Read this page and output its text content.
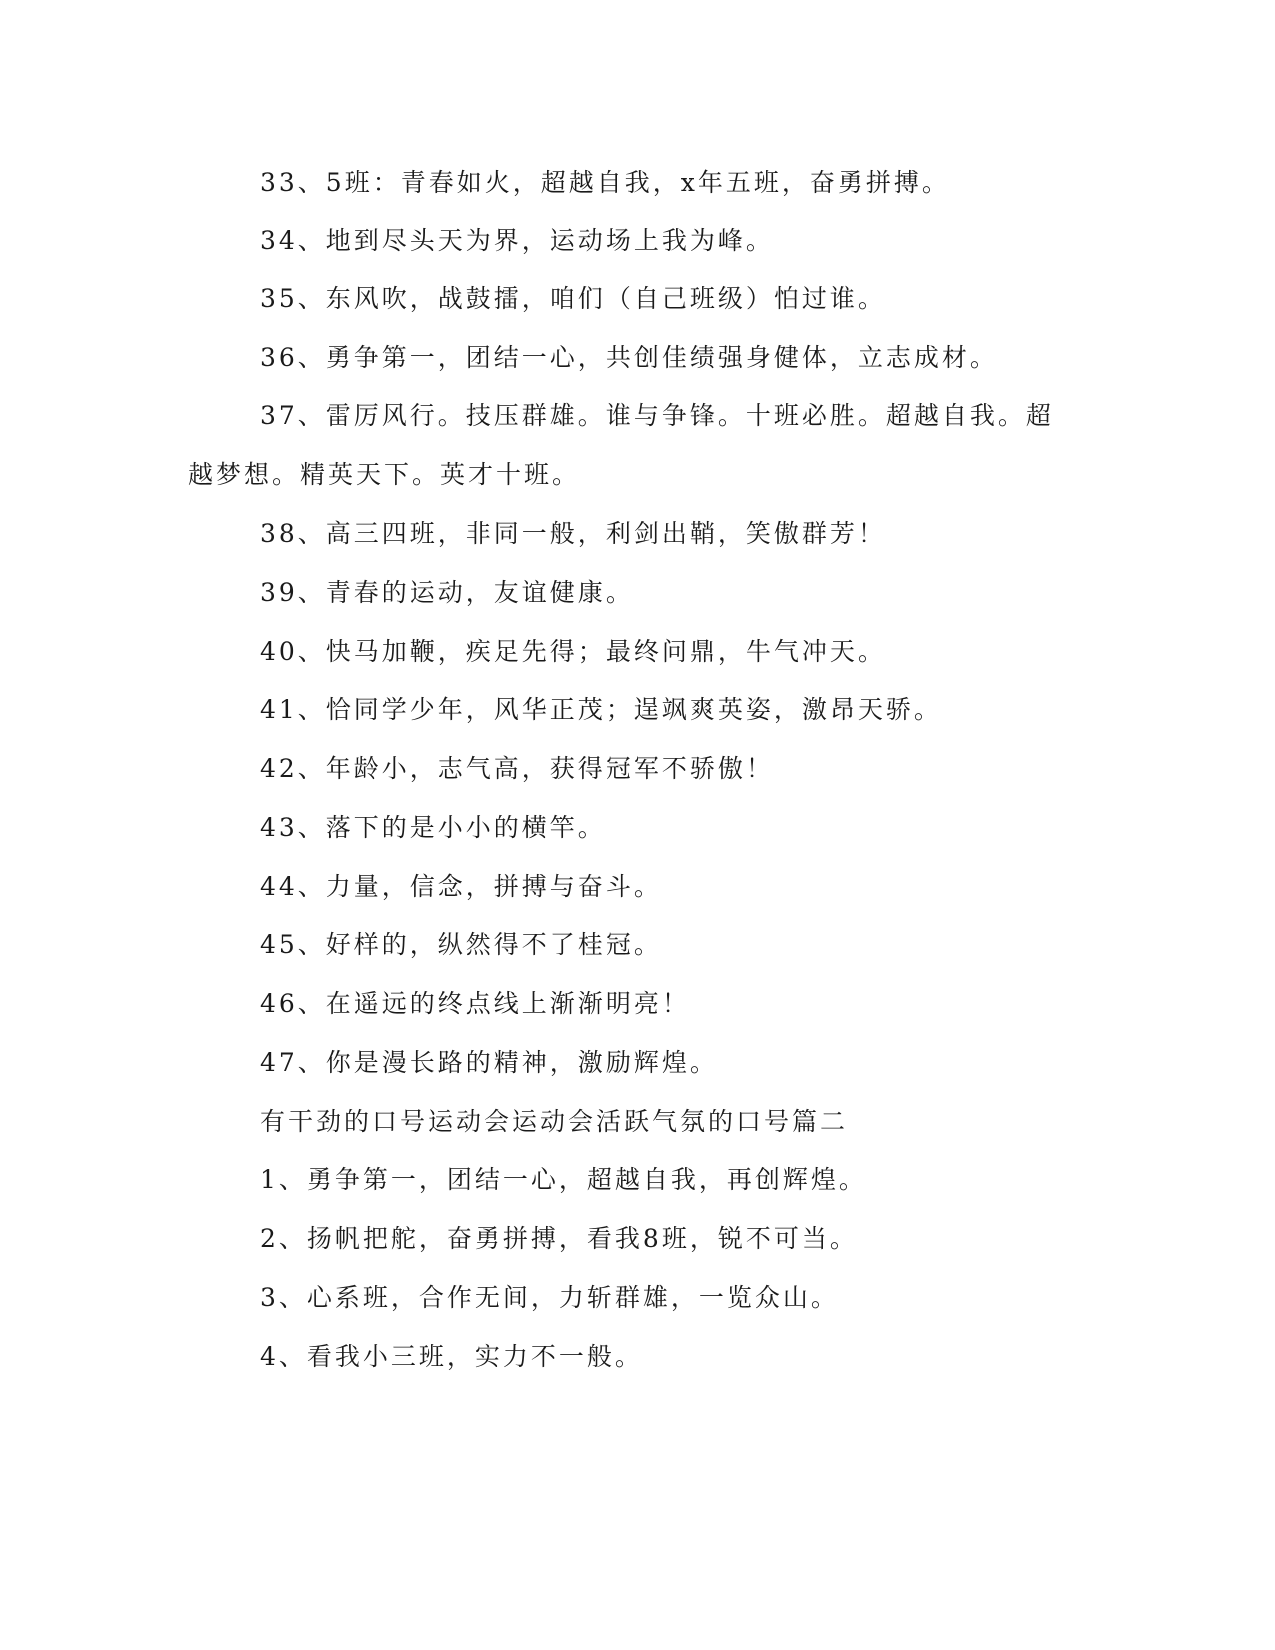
33、5班：青春如火，超越自我，x年五班，奋勇拼搏。
34、地到尽头天为界，运动场上我为峰。
35、东风吹，战鼓擂，咱们（自己班级）怕过谁。
36、勇争第一，团结一心，共创佳绩强身健体，立志成材。
37、雷厉风行。技压群雄。谁与争锋。十班必胜。超越自我。超
越梦想。精英天下。英才十班。
38、高三四班，非同一般，利剑出鞘，笑傲群芳！
39、青春的运动，友谊健康。
40、快马加鞭，疾足先得；最终问鼎，牛气冲天。
41、恰同学少年，风华正茂；逞飒爽英姿，激昂天骄。
42、年龄小，志气高，获得冠军不骄傲！
43、落下的是小小的横竿。
44、力量，信念，拼搏与奋斗。
45、好样的，纵然得不了桂冠。
46、在遥远的终点线上渐渐明亮！
47、你是漫长路的精神，激励辉煌。
有干劲的口号运动会运动会活跃气氛的口号篇二
1、勇争第一，团结一心，超越自我，再创辉煌。
2、扬帆把舵，奋勇拼搏，看我8班，锐不可当。
3、心系班，合作无间，力斩群雄，一览众山。
4、看我小三班，实力不一般。
